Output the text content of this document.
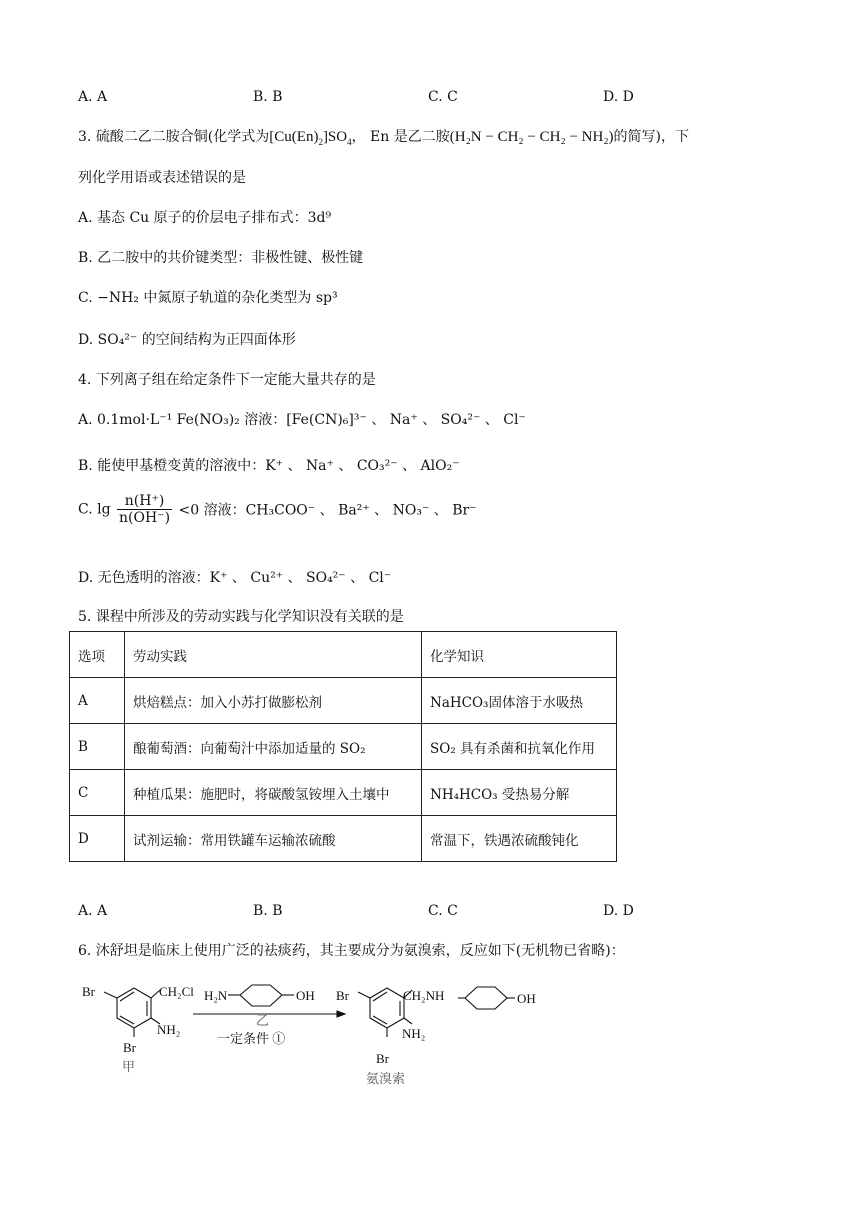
A. A	B. B	C. C	D. D
3. 硫酸二乙二胺合铜(化学式为$[Cu(En)_2]SO_4$， En 是乙二胺(H₂N − CH₂ − CH₂ − NH₂)的简写)，下
列化学用语或表述错误的是
A. 基态 Cu 原子的价层电子排布式：3d⁹
B. 乙二胺中的共价键类型：非极性键、极性键
C. −NH₂ 中氮原子轨道的杂化类型为 sp³
D. SO₄²⁻ 的空间结构为正四面体形
4. 下列离子组在给定条件下一定能大量共存的是
A. 0.1mol·L⁻¹ Fe(NO₃)₂ 溶液：[Fe(CN)₆]³⁻ 、 Na⁺ 、 SO₄²⁻ 、 Cl⁻
B. 能使甲基橙变黄的溶液中：K⁺ 、 Na⁺ 、 CO₃²⁻ 、 AlO₂⁻
C. $\lg \frac{n(H^+)}{n(OH^-)} <0$ 溶液：CH₃COO⁻ 、 Ba²⁺ 、 NO₃⁻ 、 Br⁻
D. 无色透明的溶液：K⁺ 、 Cu²⁺ 、 SO₄²⁻ 、 Cl⁻
5. 课程中所涉及的劳动实践与化学知识没有关联的是
选项	劳动实践	化学知识
A	烘焙糕点：加入小苏打做膨松剂	NaHCO₃固体溶于水吸热
B	酿葡萄酒：向葡萄汁中添加适量的 SO₂	SO₂ 具有杀菌和抗氧化作用
C	种植瓜果：施肥时，将碳酸氢铵埋入土壤中	NH₄HCO₃ 受热易分解
D	试剂运输：常用铁罐车运输浓硫酸	常温下，铁遇浓硫酸钝化
A. A	B. B	C. C	D. D
6. 沐舒坦是临床上使用广泛的祛痰药，其主要成分为氨溴索，反应如下(无机物已省略)：
Br	CH₂Cl
NH₂
Br
甲
H₂N	OH
乙
一定条件 ①
Br	CH₂NH	OH
NH₂
Br
氨溴索
